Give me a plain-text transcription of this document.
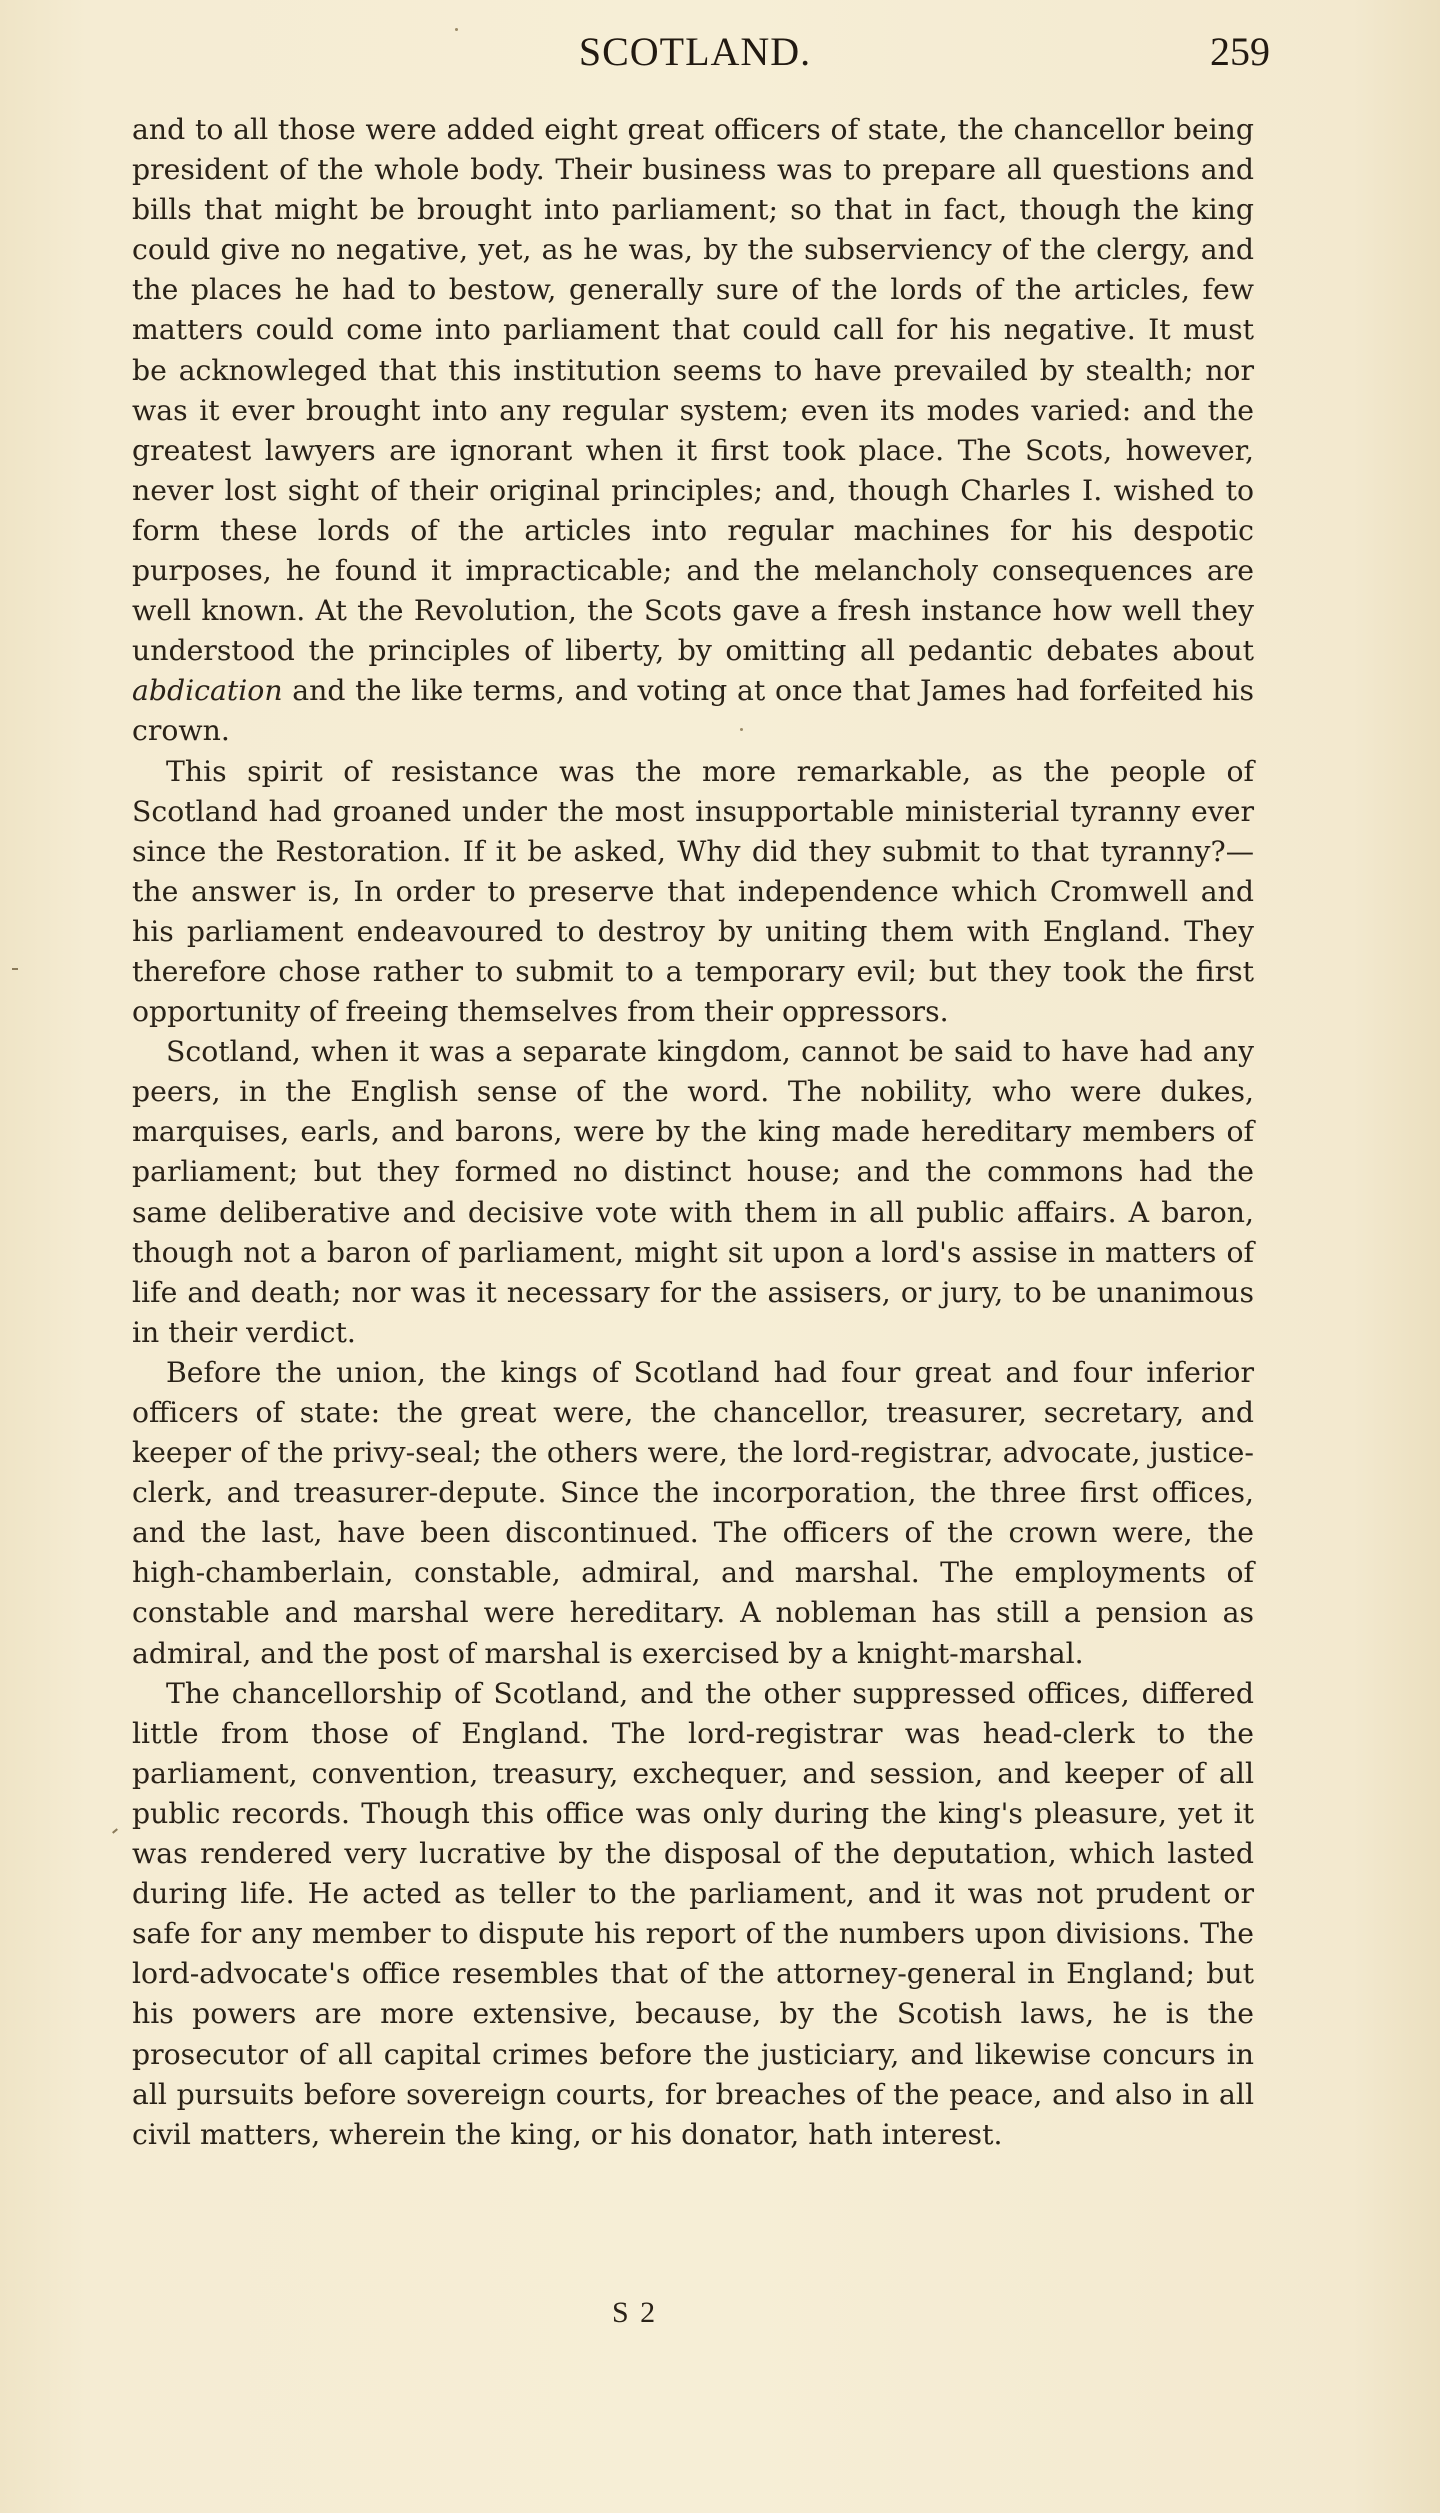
SCOTLAND.	259

and to all those were added eight great officers of state, the chancellor being president of the whole body. Their business was to prepare all questions and bills that might be brought into parliament; so that in fact, though the king could give no negative, yet, as he was, by the subserviency of the clergy, and the places he had to bestow, generally sure of the lords of the articles, few matters could come into parliament that could call for his negative. It must be acknowleged that this institution seems to have prevailed by stealth; nor was it ever brought into any regular system; even its modes varied: and the greatest lawyers are ignorant when it first took place. The Scots, however, never lost sight of their original principles; and, though Charles I. wished to form these lords of the articles into regular machines for his despotic purposes, he found it impracticable; and the melancholy consequences are well known. At the Revolution, the Scots gave a fresh instance how well they understood the principles of liberty, by omitting all pedantic debates about abdication and the like terms, and voting at once that James had forfeited his crown.

This spirit of resistance was the more remarkable, as the people of Scotland had groaned under the most insupportable ministerial tyranny ever since the Restoration. If it be asked, Why did they submit to that tyranny?—the answer is, In order to preserve that independence which Cromwell and his parliament endeavoured to destroy by uniting them with England. They therefore chose rather to submit to a temporary evil; but they took the first opportunity of freeing themselves from their oppressors.

Scotland, when it was a separate kingdom, cannot be said to have had any peers, in the English sense of the word. The nobility, who were dukes, marquises, earls, and barons, were by the king made hereditary members of parliament; but they formed no distinct house; and the commons had the same deliberative and decisive vote with them in all public affairs. A baron, though not a baron of parliament, might sit upon a lord's assise in matters of life and death; nor was it necessary for the assisers, or jury, to be unanimous in their verdict.

Before the union, the kings of Scotland had four great and four inferior officers of state: the great were, the chancellor, treasurer, secretary, and keeper of the privy-seal; the others were, the lord-registrar, advocate, justice-clerk, and treasurer-depute. Since the incorporation, the three first offices, and the last, have been discontinued. The officers of the crown were, the high-chamberlain, constable, admiral, and marshal. The employments of constable and marshal were hereditary. A nobleman has still a pension as admiral, and the post of marshal is exercised by a knight-marshal.

The chancellorship of Scotland, and the other suppressed offices, differed little from those of England. The lord-registrar was head-clerk to the parliament, convention, treasury, exchequer, and session, and keeper of all public records. Though this office was only during the king's pleasure, yet it was rendered very lucrative by the disposal of the deputation, which lasted during life. He acted as teller to the parliament, and it was not prudent or safe for any member to dispute his report of the numbers upon divisions. The lord-advocate's office resembles that of the attorney-general in England; but his powers are more extensive, because, by the Scotish laws, he is the prosecutor of all capital crimes before the justiciary, and likewise concurs in all pursuits before sovereign courts, for breaches of the peace, and also in all civil matters, wherein the king, or his donator, hath interest.

S 2
